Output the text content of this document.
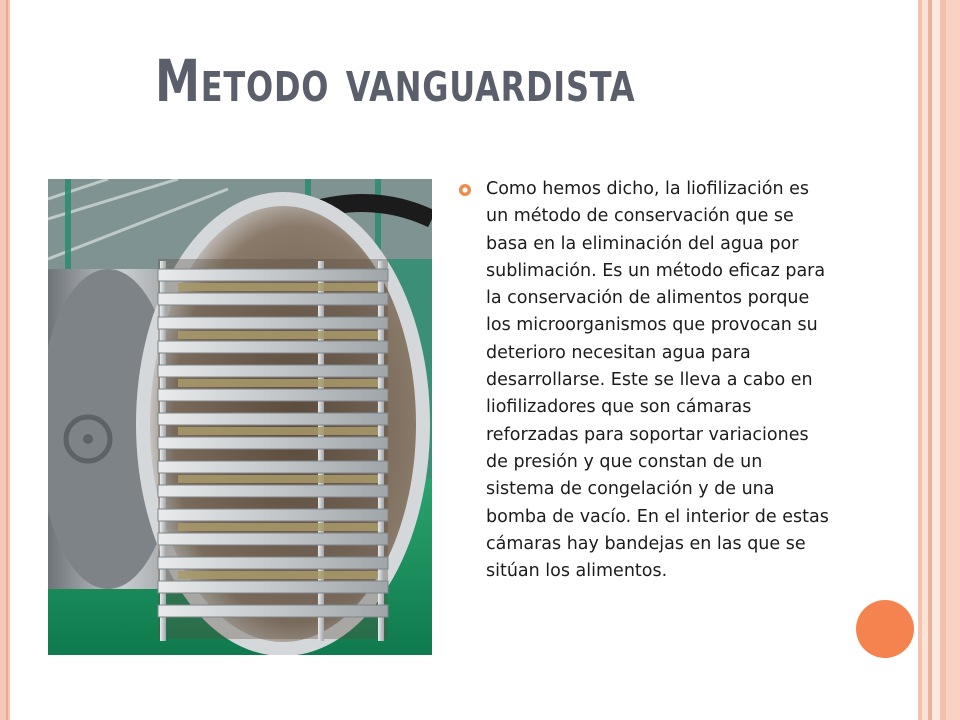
Metodo vanguardista

Como hemos dicho, la liofilización es un método de conservación que se basa en la eliminación del agua por sublimación. Es un método eficaz para la conservación de alimentos porque los microorganismos que provocan su deterioro necesitan agua para desarrollarse. Este se lleva a cabo en liofilizadores que son cámaras reforzadas para soportar variaciones de presión y que constan de un sistema de congelación y de una bomba de vacío. En el interior de estas cámaras hay bandejas en las que se sitúan los alimentos.
